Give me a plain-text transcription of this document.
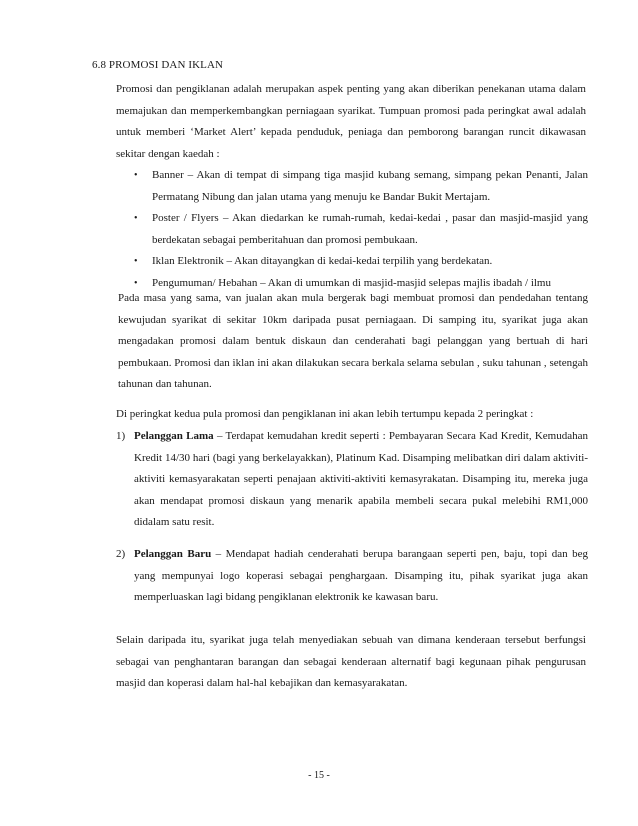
6.8 PROMOSI DAN IKLAN
Promosi dan pengiklanan adalah merupakan aspek penting yang akan diberikan penekanan utama dalam memajukan dan memperkembangkan perniagaan syarikat. Tumpuan promosi pada peringkat awal adalah untuk memberi ‘Market Alert’ kepada penduduk, peniaga dan pemborong barangan runcit dikawasan sekitar dengan kaedah :
• Banner – Akan di tempat di simpang tiga masjid kubang semang, simpang pekan Penanti, Jalan Permatang Nibung dan jalan utama yang menuju ke Bandar Bukit Mertajam.
• Poster / Flyers – Akan diedarkan ke rumah-rumah, kedai-kedai , pasar dan masjid-masjid yang berdekatan sebagai pemberitahuan dan promosi pembukaan.
• Iklan Elektronik – Akan ditayangkan di kedai-kedai terpilih yang berdekatan.
• Pengumuman/ Hebahan – Akan di umumkan di masjid-masjid selepas majlis ibadah / ilmu
Pada masa yang sama, van jualan akan mula bergerak bagi membuat promosi dan pendedahan tentang kewujudan syarikat di sekitar 10km daripada pusat perniagaan. Di samping itu, syarikat juga akan mengadakan promosi dalam bentuk diskaun dan cenderahati bagi pelanggan yang bertuah di hari pembukaan. Promosi dan iklan ini akan dilakukan secara berkala selama sebulan , suku tahunan , setengah tahunan dan tahunan.
Di peringkat kedua pula promosi dan pengiklanan ini akan lebih tertumpu kepada 2 peringkat :
1) Pelanggan Lama – Terdapat kemudahan kredit seperti : Pembayaran Secara Kad Kredit, Kemudahan Kredit 14/30 hari (bagi yang berkelayakkan), Platinum Kad. Disamping melibatkan diri dalam aktiviti-aktiviti kemasyarakatan seperti penajaan aktiviti-aktiviti kemasyrakatan. Disamping itu, mereka juga akan mendapat promosi diskaun yang menarik apabila membeli secara pukal melebihi RM1,000 didalam satu resit.
2) Pelanggan Baru – Mendapat hadiah cenderahati berupa barangaan seperti pen, baju, topi dan beg yang mempunyai logo koperasi sebagai penghargaan. Disamping itu, pihak syarikat juga akan memperluaskan lagi bidang pengiklanan elektronik ke kawasan baru.
Selain daripada itu, syarikat juga telah menyediakan sebuah van dimana kenderaan tersebut berfungsi sebagai van penghantaran barangan dan sebagai kenderaan alternatif bagi kegunaan pihak pengurusan masjid dan koperasi dalam hal-hal kebajikan dan kemasyarakatan.
- 15 -
